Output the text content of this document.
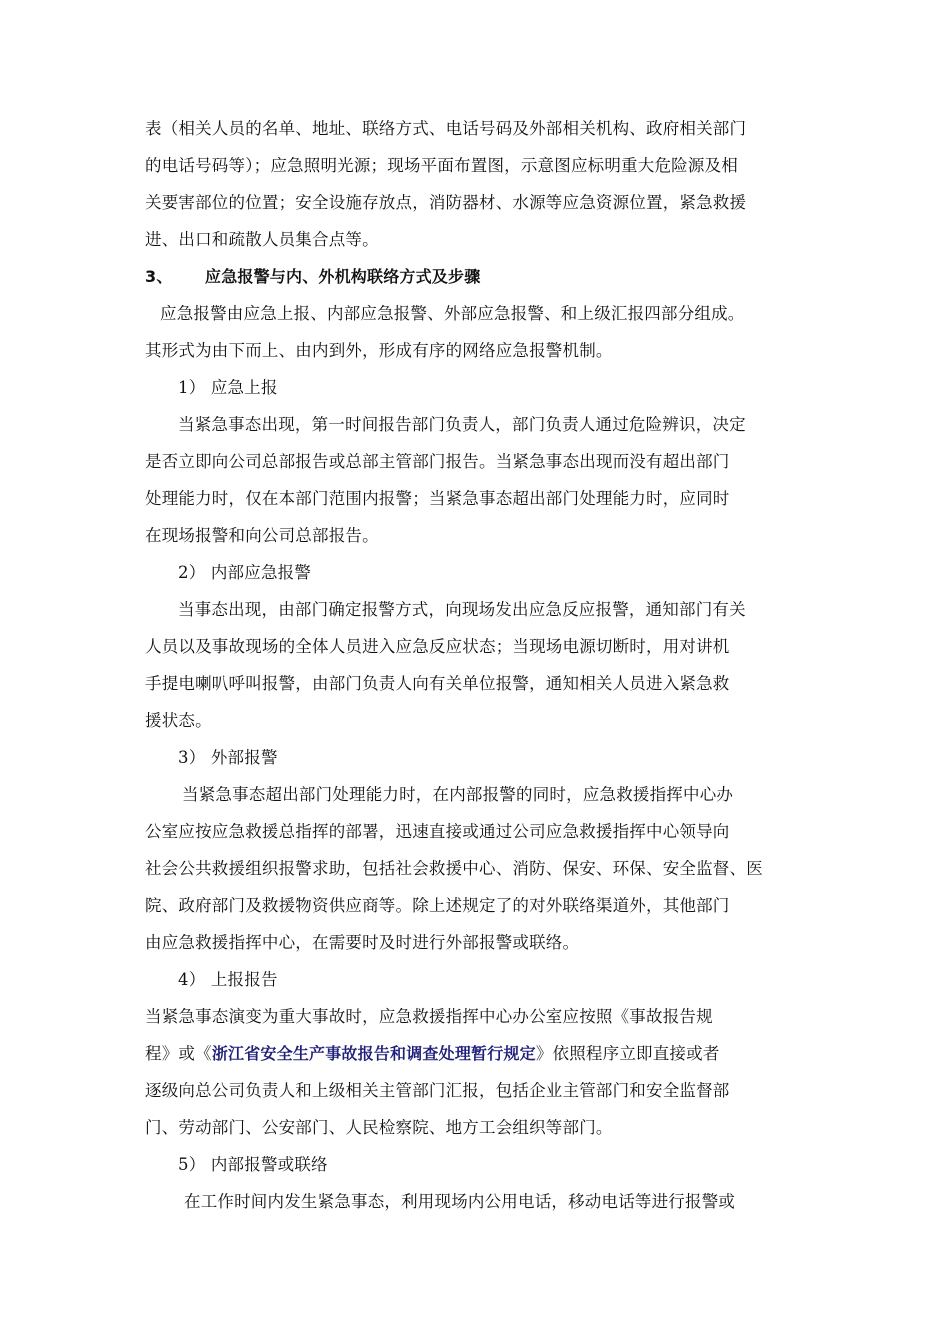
表（相关人员的名单、地址、联络方式、电话号码及外部相关机构、政府相关部门
的电话号码等）；应急照明光源；现场平面布置图，示意图应标明重大危险源及相
关要害部位的位置；安全设施存放点，消防器材、水源等应急资源位置，紧急救援
进、出口和疏散人员集合点等。
3、 应急报警与内、外机构联络方式及步骤
应急报警由应急上报、内部应急报警、外部应急报警、和上级汇报四部分组成。
其形式为由下而上、由内到外，形成有序的网络应急报警机制。
1） 应急上报
当紧急事态出现，第一时间报告部门负责人，部门负责人通过危险辨识，决定
是否立即向公司总部报告或总部主管部门报告。当紧急事态出现而没有超出部门
处理能力时，仅在本部门范围内报警；当紧急事态超出部门处理能力时，应同时
在现场报警和向公司总部报告。
2） 内部应急报警
当事态出现，由部门确定报警方式，向现场发出应急反应报警，通知部门有关
人员以及事故现场的全体人员进入应急反应状态；当现场电源切断时，用对讲机
手提电喇叭呼叫报警，由部门负责人向有关单位报警，通知相关人员进入紧急救
援状态。
3） 外部报警
当紧急事态超出部门处理能力时，在内部报警的同时，应急救援指挥中心办
公室应按应急救援总指挥的部署，迅速直接或通过公司应急救援指挥中心领导向
社会公共救援组织报警求助，包括社会救援中心、消防、保安、环保、安全监督、医
院、政府部门及救援物资供应商等。除上述规定了的对外联络渠道外，其他部门
由应急救援指挥中心，在需要时及时进行外部报警或联络。
4） 上报报告
当紧急事态演变为重大事故时，应急救援指挥中心办公室应按照《事故报告规
程》或《浙江省安全生产事故报告和调查处理暂行规定》依照程序立即直接或者
逐级向总公司负责人和上级相关主管部门汇报，包括企业主管部门和安全监督部
门、劳动部门、公安部门、人民检察院、地方工会组织等部门。
5） 内部报警或联络
在工作时间内发生紧急事态，利用现场内公用电话，移动电话等进行报警或
